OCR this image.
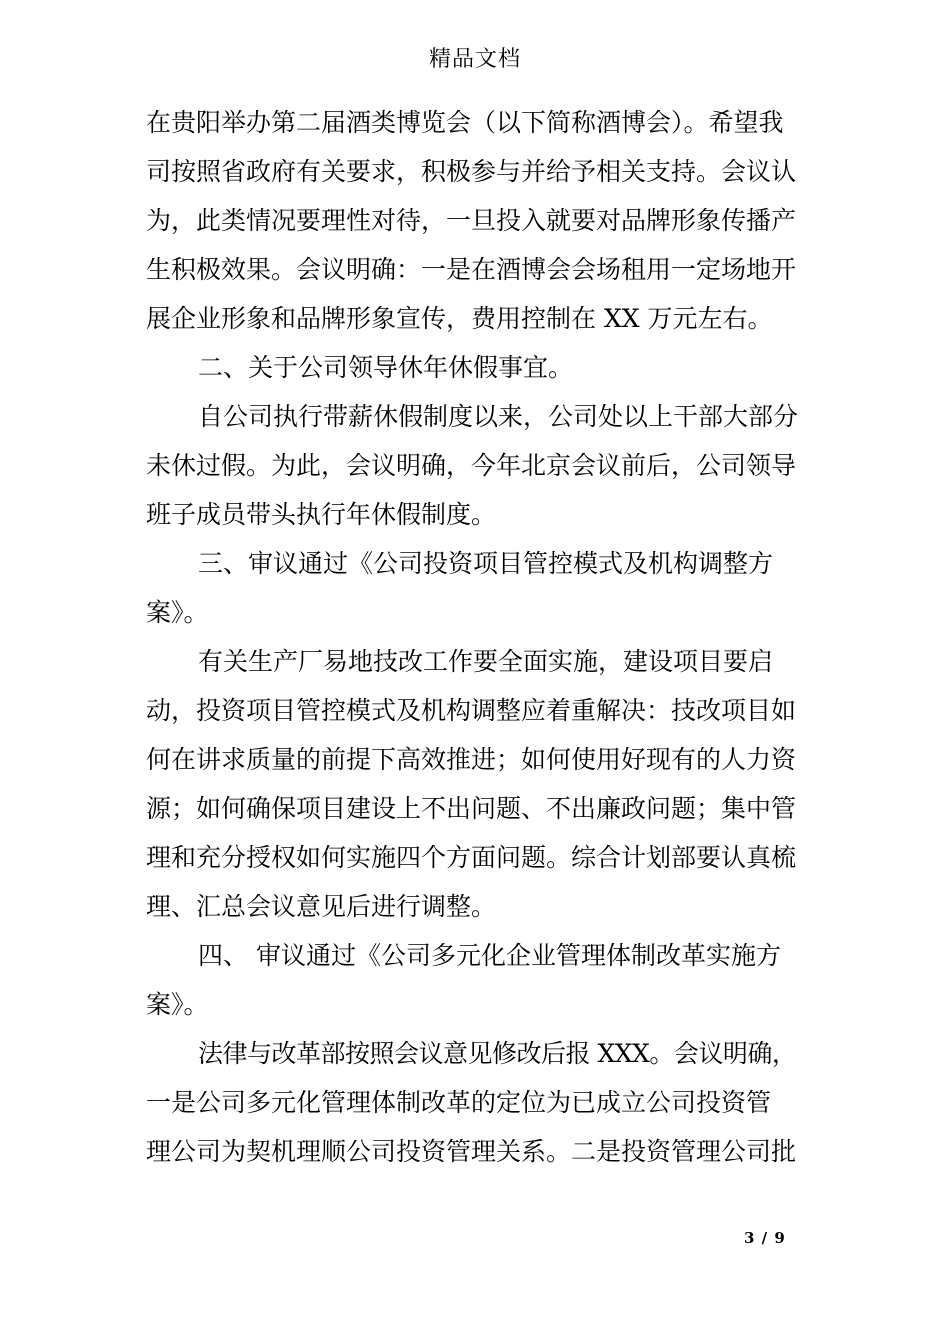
精品文档
在贵阳举办第二届酒类博览会（以下简称酒博会）。希望我
司按照省政府有关要求，积极参与并给予相关支持。会议认
为，此类情况要理性对待，一旦投入就要对品牌形象传播产
生积极效果。会议明确：一是在酒博会会场租用一定场地开
展企业形象和品牌形象宣传，费用控制在 XX 万元左右。
二、关于公司领导休年休假事宜。
自公司执行带薪休假制度以来，公司处以上干部大部分
未休过假。为此，会议明确，今年北京会议前后，公司领导
班子成员带头执行年休假制度。
三、审议通过《公司投资项目管控模式及机构调整方
案》。
有关生产厂易地技改工作要全面实施，建设项目要启
动，投资项目管控模式及机构调整应着重解决：技改项目如
何在讲求质量的前提下高效推进；如何使用好现有的人力资
源；如何确保项目建设上不出问题、不出廉政问题；集中管
理和充分授权如何实施四个方面问题。综合计划部要认真梳
理、汇总会议意见后进行调整。
四、 审议通过《公司多元化企业管理体制改革实施方
案》。
法律与改革部按照会议意见修改后报 XXX。会议明确，
一是公司多元化管理体制改革的定位为已成立公司投资管
理公司为契机理顺公司投资管理关系。二是投资管理公司批
3 / 9
